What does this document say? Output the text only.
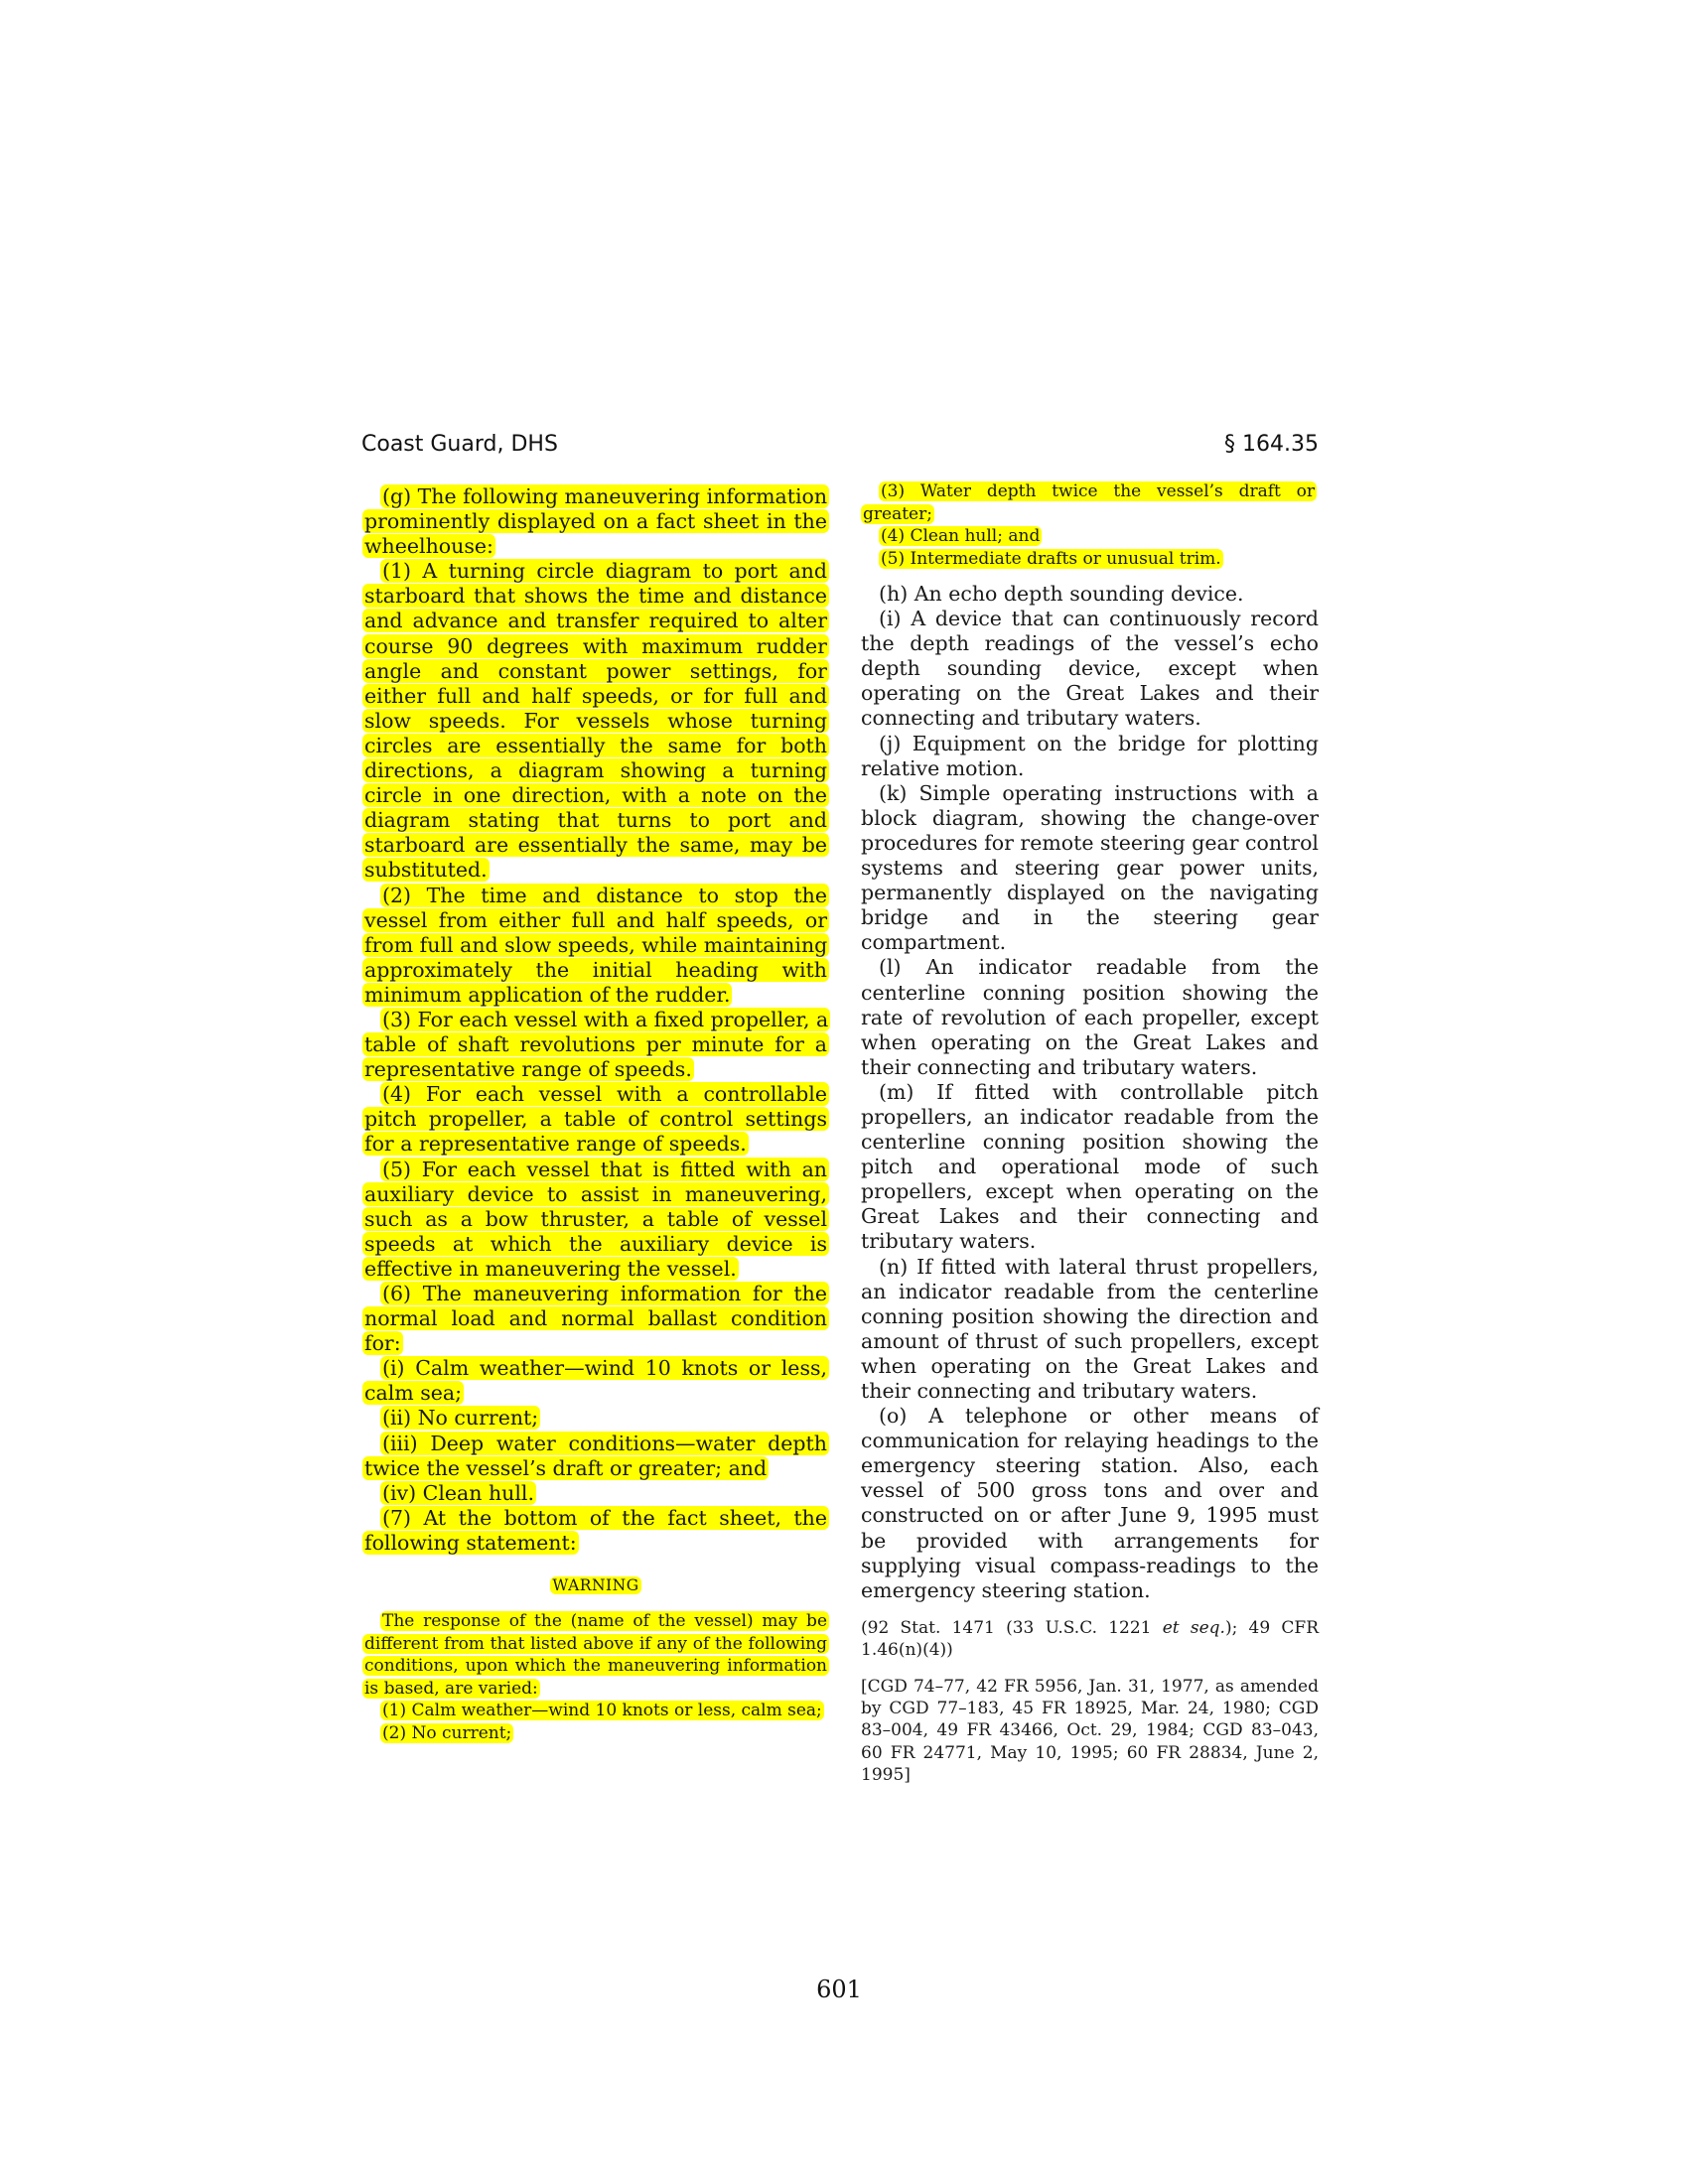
Coast Guard, DHS	§ 164.35

(g) The following maneuvering information prominently displayed on a fact sheet in the wheelhouse:

(1) A turning circle diagram to port and starboard that shows the time and distance and advance and transfer required to alter course 90 degrees with maximum rudder angle and constant power settings, for either full and half speeds, or for full and slow speeds. For vessels whose turning circles are essentially the same for both directions, a diagram showing a turning circle in one direction, with a note on the diagram stating that turns to port and starboard are essentially the same, may be substituted.

(2) The time and distance to stop the vessel from either full and half speeds, or from full and slow speeds, while maintaining approximately the initial heading with minimum application of the rudder.

(3) For each vessel with a fixed propeller, a table of shaft revolutions per minute for a representative range of speeds.

(4) For each vessel with a controllable pitch propeller, a table of control settings for a representative range of speeds.

(5) For each vessel that is fitted with an auxiliary device to assist in maneuvering, such as a bow thruster, a table of vessel speeds at which the auxiliary device is effective in maneuvering the vessel.

(6) The maneuvering information for the normal load and normal ballast condition for:

(i) Calm weather—wind 10 knots or less, calm sea;

(ii) No current;

(iii) Deep water conditions—water depth twice the vessel’s draft or greater; and

(iv) Clean hull.

(7) At the bottom of the fact sheet, the following statement:

WARNING

The response of the (name of the vessel) may be different from that listed above if any of the following conditions, upon which the maneuvering information is based, are varied:

(1) Calm weather—wind 10 knots or less, calm sea;

(2) No current;

(3) Water depth twice the vessel’s draft or greater;

(4) Clean hull; and

(5) Intermediate drafts or unusual trim.

(h) An echo depth sounding device.

(i) A device that can continuously record the depth readings of the vessel’s echo depth sounding device, except when operating on the Great Lakes and their connecting and tributary waters.

(j) Equipment on the bridge for plotting relative motion.

(k) Simple operating instructions with a block diagram, showing the change-over procedures for remote steering gear control systems and steering gear power units, permanently displayed on the navigating bridge and in the steering gear compartment.

(l) An indicator readable from the centerline conning position showing the rate of revolution of each propeller, except when operating on the Great Lakes and their connecting and tributary waters.

(m) If fitted with controllable pitch propellers, an indicator readable from the centerline conning position showing the pitch and operational mode of such propellers, except when operating on the Great Lakes and their connecting and tributary waters.

(n) If fitted with lateral thrust propellers, an indicator readable from the centerline conning position showing the direction and amount of thrust of such propellers, except when operating on the Great Lakes and their connecting and tributary waters.

(o) A telephone or other means of communication for relaying headings to the emergency steering station. Also, each vessel of 500 gross tons and over and constructed on or after June 9, 1995 must be provided with arrangements for supplying visual compass-readings to the emergency steering station.

(92 Stat. 1471 (33 U.S.C. 1221 et seq.); 49 CFR 1.46(n)(4))

[CGD 74–77, 42 FR 5956, Jan. 31, 1977, as amended by CGD 77–183, 45 FR 18925, Mar. 24, 1980; CGD 83–004, 49 FR 43466, Oct. 29, 1984; CGD 83–043, 60 FR 24771, May 10, 1995; 60 FR 28834, June 2, 1995]

601
